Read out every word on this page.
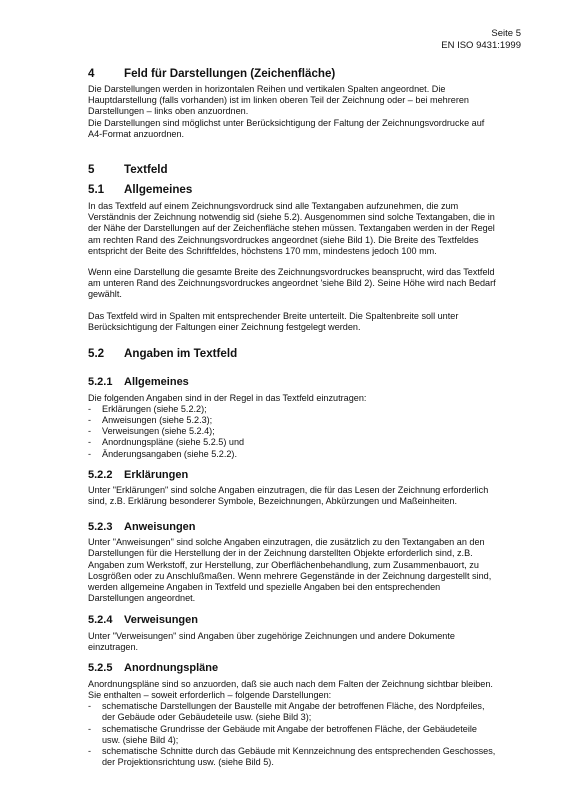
Seite 5
EN ISO 9431:1999
4	Feld für Darstellungen (Zeichenfläche)

Die Darstellungen werden in horizontalen Reihen und vertikalen Spalten angeordnet. Die
Hauptdarstellung (falls vorhanden) ist im linken oberen Teil der Zeichnung oder – bei mehreren
Darstellungen – links oben anzuordnen.
Die Darstellungen sind möglichst unter Berücksichtigung der Faltung der Zeichnungsvordrucke auf
A4-Format anzuordnen.

5	Textfeld
5.1	Allgemeines

In das Textfeld auf einem Zeichnungsvordruck sind alle Textangaben aufzunehmen, die zum
Verständnis der Zeichnung notwendig sid (siehe 5.2). Ausgenommen sind solche Textangaben, die in
der Nähe der Darstellungen auf der Zeichenfläche stehen müssen. Textangaben werden in der Regel
am rechten Rand des Zeichnungsvordruckes angeordnet (siehe Bild 1). Die Breite des Textfeldes
entspricht der Beite des Schriftfeldes, höchstens 170 mm, mindestens jedoch 100 mm.

Wenn eine Darstellung die gesamte Breite des Zeichnungsvordruckes beansprucht, wird das Textfeld
am unteren Rand des Zeichnungsvordruckes angeordnet 'siehe Bild 2). Seine Höhe wird nach Bedarf
gewählt.

Das Textfeld wird in Spalten mit entsprechender Breite unterteilt. Die Spaltenbreite soll unter
Berücksichtigung der Faltungen einer Zeichnung festgelegt werden.

5.2	Angaben im Textfeld
5.2.1	Allgemeines

Die folgenden Angaben sind in der Regel in das Textfeld einzutragen:

- Erklärungen (siehe 5.2.2);
- Anweisungen (siehe 5.2.3);
- Verweisungen (siehe 5.2.4);
- Anordnungspläne (siehe 5.2.5) und
- Änderungsangaben (siehe 5.2.2).
5.2.2	Erklärungen

Unter "Erklärungen" sind solche Angaben einzutragen, die für das Lesen der Zeichnung erforderlich
sind, z.B. Erklärung besonderer Symbole, Bezeichnungen, Abkürzungen und Maßeinheiten.

5.2.3	Anweisungen

Unter "Anweisungen" sind solche Angaben einzutragen, die zusätzlich zu den Textangaben an den
Darstellungen für die Herstellung der in der Zeichnung darstellten Objekte erforderlich sind, z.B.
Angaben zum Werkstoff, zur Herstellung, zur Oberflächenbehandlung, zum Zusammenbauort, zu
Losgrößen oder zu Anschlußmaßen. Wenn mehrere Gegenstände in der Zeichnung dargestellt sind,
werden allgemeine Angaben in Textfeld und spezielle Angaben bei den entsprechenden
Darstellungen angeordnet.

5.2.4	Verweisungen

Unter "Verweisungen" sind Angaben über zugehörige Zeichnungen und andere Dokumente
einzutragen.

5.2.5	Anordnungspläne

Anordnungspläne sind so anzuorden, daß sie auch nach dem Falten der Zeichnung sichtbar bleiben.
Sie enthalten – soweit erforderlich – folgende Darstellungen:

- schematische Darstellungen der Baustelle mit Angabe der betroffenen Fläche, des Nordpfeiles,
der Gebäude oder Gebäudeteile usw. (siehe Bild 3);
- schematische Grundrisse der Gebäude mit Angabe der betroffenen Fläche, der Gebäudeteile
usw. (siehe Bild 4);
- schematische Schnitte durch das Gebäude mit Kennzeichnung des entsprechenden Geschosses,
der Projektionsrichtung usw. (siehe Bild 5).
